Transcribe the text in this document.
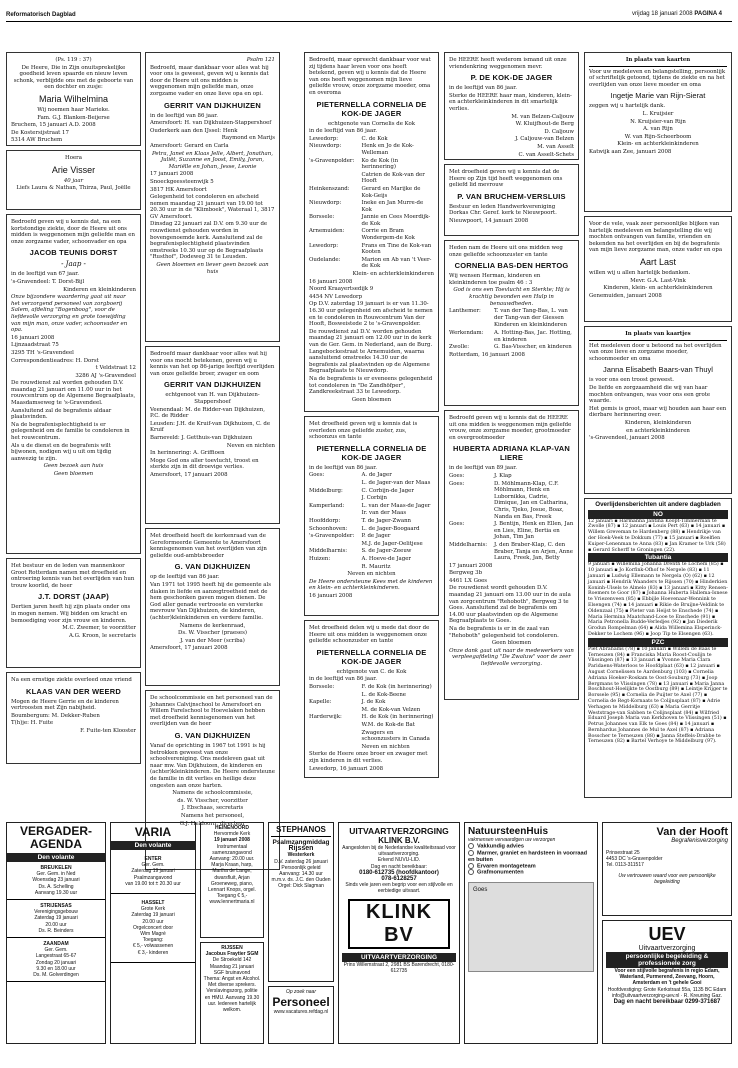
Reformatorisch Dagblad	vrijdag 18 januari 2008 PAGINA 4
(Ps. 119 : 37)
De Heere, Die in Zijn onuitsprekelijke goedheid leven spaarde en nieuw leven schonk, verblijdde ons met de geboorte van een dochter en zusje:
Maria Wilhelmina
Wij noemen haar Marieke.
Fam. G.J. Blanken-Beijerse
Bruchem, 15 januari A.D. 2008
De Kostersijstraat 17
5314 AW Bruchem
Hoera
Arie Visser
40 jaar
Liefs Laura & Nathan, Thirza, Paul, Joëlle
Bedroefd geven wij u kennis dat, na een kortstondige ziekte, door de Heere uit ons midden is weggenomen mijn geliefde man en onze zorgzame vader, schoonvader en opa
JACOB TEUNIS DORST
- Jaap -
in de leeftijd van 67 jaar.
's-Gravendeel: T. Dorst-Bijl
Kinderen en kleinkinderen
Onze bijzondere waardering gaat uit naar het verzorgend personeel van zorgboerij Salem, afdeling "Bogenboog", voor de liefdevolle verzorging en grote toewijding van mijn man, onze vader, schoonvader en opa.
16 januari 2008
Lijnzaadstraat 75
3295 TH 's-Gravendeel
Correspondentieadres: H. Dorst
t Veldstraat 12
3286 AJ 's-Gravendeel
De rouwdienst zal worden gehouden D.V. maandag 21 januari om 11.00 uur in het rouwcentrum op de Algemene Begraafplaats, Maasdamseweg te 's-Gravendeel.
Aansluitend zal de begrafenis aldaar plaatsvinden.
Na de begrafenisplechtigheid is er gelegenheid om de familie te condoleren in het rouwcentrum.
Als u de dienst en de begrafenis wilt bijwonen, nodigen wij u uit om tijdig aanwezig te zijn.
Geen bezoek aan huis
Geen bloemen
Het bestuur en de leden van mannenkoor Groot Rotterdam namen met droefheid en ontroering kennis van het overlijden van hun trouw koorlid, de heer
J.T. DORST (JAAP)
Dertien jaren heeft hij zijn plaats onder ons in mogen nemen. Wij bidden om kracht en bemoediging voor zijn vrouw en kinderen.
M.C. Zwemer, te voorzitter
A.G. Kroon, le secretaris
Na een ernstige ziekte overleed onze vriend
KLAAS VAN DER WEERD
Mogen de Heere Gerrie en de kinderen vertroosten met Zijn nabijheid.
Boumbergum: M. Dekker-Ruben
T(h)je: H. Fuite
F. Fuite-ten Klooster
Psalm 121
Bedroefd, maar dankbaar voor alles wat hij voor ons is geweest, geven wij u kennis dat door de Heere uit ons midden is weggenomen mijn geliefde man, onze zorgzame vader en onze lieve opa en opi.
GERRIT VAN DIJKHUIZEN
in de leeftijd van 86 jaar.
Amersfoort: H. van Dijkhuizen-Stappershoef
Ouderkerk aan den IJssel: Henk
Raymond en Marijs
Amersfoort: Gerard en Carla
Petra, Janet en Klaas Jelle, Albert, Jonathan, Juliët, Suzanne en Joost, Emily, Joran, Mariëlle en Johan, Jesse, Leonie
17 januari 2008
Snoeckgeessteenwijk 5
3817 HK Amersfoort
Gelegenheid tot condoleren en afscheid nemen maandag 21 januari van 19.00 tot 20.30 uur in de "Klimboek", Wateraal 1, 3817 GV Amersfoort.
Dinsdag 22 januari zal D.V. om 9.30 uur de rouwdienst gehouden worden in bovengenoemde kerk. Aansluitend zal de begrafenisplechtigheid plaatsvinden omstreeks 10.30 uur op de Begraafplaats "Rusthof", Dodeweg 31 te Leusden.
Geen bloemen en liever geen bezoek aan huis
Bedroefd maar dankbaar voor alles wat hij voor ons mocht betekenen, geven wij u kennis van het op 86-jarige leeftijd overlijden van onze geliefde broer, zwager en oom
GERRIT VAN DIJKHUIZEN
echtgenoot van H. van Dijkhuizen-Stappershoef
Veenendaal: M. de Ridder-van Dijkhuizen, P.C. de Ridder
Leusden: J.H. de Kruif-van Dijkhuizen, C. de Kruif
Barneveld: J. Getthuis-van Dijkhuizen
Neven en nichten
In herinnering: A. Griffioen
Moge God ons aller toevlucht, troost en sterkte zijn in dit droevige verlies.
Amersfoort, 17 januari 2008
Met droefheid heeft de kerkenraad van de Gereformeerde Gemeente te Amersfoort kennisgenomen van het overlijden van zijn geliefde oud-ambtsbroeder
G. VAN DIJKHUIZEN
op de leeftijd van 86 jaar.
Van 1971 tot 1995 heeft hij de gemeente als diaken in liefde en aanzegtroetheid met de hem geschonken gaven mogen dienen. De God aller genade vertrooste en versterke mevrouw Van Dijkhuizen, de kinderen, (achter)kleinkinderen en verdere familie.
Namens de kerkenraad,
Ds. W. Visscher (praeses)
J. van der Meer (scriba)
Amersfoort, 17 januari 2008
De schoolcommissie en het personeel van de Johannes Calvijnschool te Amersfoort en Willem Farelschool te Hoevelaken hebben met droefheid kennisgenomen van het overlijden van de heer
G. VAN DIJKHUIZEN
Vanaf de oprichting in 1967 tot 1991 is hij betrokken geweest van onze schoolvereniging. Ons medeleven gaat uit naar mw. Van Dijkhuizen, de kinderen en (achter)kleinkinderen. De Heere ondersteune de familie in dit verlies en heilige deze ongesten aan onze harten.
Namens de schoolcommissie,
ds. W. Visscher, voorzitter
J. Ebschaas, secretaris
Namens het personeel,
G.J. Heldoorn, directeur
Bedroefd, maar opreecht dankbaar voor wat zij tijdens haar leven voor ons heeft betekend, geven wij u kennis dat de Heere van ons heeft weggenomen mijn lieve geliefde vrouw, onze zorgzame moeder, oma en overoma
PIETERNELLA CORNELIA DE KOK-DE JAGER
echtgenote van Cornelis de Kok
in de leeftijd van 86 jaar.
Lewedorp:	C. de Kok
Nieuwdorp:	Henk en Jo de Kok-Welleman
's-Gravenpolder:	Ko de Kok (in herinnering)
Catrien de Kok-van der Hooft
Heinkenszand:	Gerard en Marijke de Kok-Geijs
Nieuwdorp:	Ineke en Jan Murre-de Kok
Borssele:	Jannie en Cees Moerdijk-de Kok
Arnemuiden:	Corrie en Bram Wondergem-de Kok
Lewedorp:	Frans en Tine de Kok-van Kooten
Oudelande:	Marion en Ab van 't Veer-de Kok
Klein- en achterkleinkinderen
16 januari 2008
Noord Kraayertsedijk 9
4454 NV Lewedorp
Op D.V. zaterdag 19 januari is er van 11.30-16.30 uur gelegenheid om afscheid te nemen en te condoleren in Rouwcentrum Van der Hooft, Bosweistede 2 te 's-Gravenpolder.
De rouwdienst zal D.V. worden gehouden maandag 21 januari om 12.00 uur in de kerk van de Ger. Gem. in Nederland, aan de Burg. Langebockestraat te Arnemuiden, waarna aansluitend omstreeks 14.30 uur de begrafenis zal plaatsvinden op de Algemene Begraafplaats te Nieuwdorp.
Na de begrafenis is er eveneens gelegenheid tot condoleren in "De Zandhöfper", Zandkreekstraat 33 te Lewedorp.
Geen bloemen
Met droefheid geven wij u kennis dat is overleden onze geliefde zuster, zus, schoonzus en tante
PIETERNELLA CORNELIA DE KOK-DE JAGER
in de leeftijd van 86 jaar.
Goes:	A. de Jager
L. de Jager-van der Maas
Middelburg:	C. Corbijn-de Jager
J. Corbijn
Kamperland:	L. van der Maas-de Jager
Ir. van der Maas
Hoofddorp:	T. de Jager-Zwann
Schoonhoven:	L. de Jager-Boogaard
's-Gravenpolder:	P. de Jager
M.J. de Jager-Oelitjese
Middelharnis:	S. de Jager-Zeeuw
Huizen:	A. Hoeve-de Jager
R. Mauritz
Neven en nichten
De Heere ondersteune Kees met de kinderen en klein- en achterkleinkinderen.
16 januari 2008
Met droefheid delen wij u mede dat door de Heere uit ons midden is weggenomen onze geliefde schoonzuster en tante
PIETERNELLA CORNELIA DE KOK-DE JAGER
echtgenote van C. de Kok
in de leeftijd van 86 jaar.
Borssele:	F. de Kok (in herinnering)
L. de Kok-Beene
Kapelle:	J. de Kok
M. de Kok-van Velzen
Harderwijk:	H. de Kok (in herinnering)
W.M. de Kok-de Bat
Zwagers en schoonzusters in Canada
Neven en nichten
Sterke de Heere onze broer en zwager met zijn kinderen in dit verlies.
Lewedorp, 16 januari 2008
De HEERE heeft wederom ismand uit onze vriendenkring weggenomen mevr.
P. DE KOK-DE JAGER
in de leeftijd van 86 jaar.
Sterke de HEERE haar man, kinderen, klein- en achterkleinkinderen in dit smartelijk verlies.
M. van Belzen-Caljouw
W. Kluijfhout-de Berg
D. Caljouw
J. Caljouw-van Belzen
M. van Asselt
C. van Asselt-Schets
Met droefheid geven wij u kennis dat de Heere op Zijn tijd heeft weggenomen ons geliefd lid mevrouw
P. VAN BRUCHEM-VERSLUIS
Bestuur en leden Handwerkvereniging Dorkas Chr. Geref. kerk te Nieuwpoort.
Nieuwpoort, 14 januari 2008
Heden nam de Heere uit ons midden weg onze geliefde schoonzuster en tante
CORNELIA BAS-DEN HERTOG
Wij wensen Herman, kinderen en kleinkinderen toe psalm 46 : 3
God is ons een Toevlucht en Sterkte; Hij is krachtig bevonden een Hulp in benauwdheden.
Lanthemer:	T. van der Tang-Bas, L. van der Tang-van der Giessen
Kinderen en kleinkinderen
Werkendam:	A. Hotting-Bas, Jac. Hotting, en kinderen
Zwolle:	G. Bas-Visscher, en kinderen
Rotterdam, 16 januari 2008
Bedroefd geven wij u kennis dat de HEERE uit ons midden is weggenomen mijn geliefde vrouw, onze zorgzame moeder, grootmoeder en overgrootmoeder
HUBERTA ADRIANA KLAP-VAN LIERE
in de leeftijd van 89 jaar.
Goes:	J. Klap
Goes:	D. Möhlmann-Klap, C.F. Möhlmann, Henk en Lubornikka, Cadrie, Dimique, Jan en Catharina, Chris, Tjeko, Josue, Boaz, Nanda en Bas, Freek
Goes:	J. Bentijn, Henk en Ellen, Jan en Lies, Eline, Bertia en Johan, Tim Jan
Middelharnis:	J. den Braber-Klap, C. den Braber, Tanja en Arjen, Anne Laura, Freek, Jan, Betty
17 januari 2008
Bergweg 3b
4461 LX Goes
De rouwdienst wordt gehouden D.V. maandag 21 januari om 13.00 uur in de aula van zorgcentrum "Rehoboth", Bergweg 3 te Goes. Aansluitend zal de begrafenis om 14.00 uur plaatsvinden op de Algemene Begraafplaats te Goes.
Na de begrafenis is er in de zaal van "Rehoboth" gelegenheid tot condoleren.
Geen bloemen
Onze dank gaat uit naar de medewerkers van verpleegafdeling "De Zwaluw" voor de zeer liefdevolle verzorging.
In plaats van kaarten
Voor uw medeleven en belangstelling, persoonlijk of schriftelijk getoond, tijdens de ziekte en na het overlijden van onze lieve moeder en oma
Ingetje Marie van Rijn-Sierat
zeggen wij u hartelijk dank.
L. Kruijsier
N. Kruijsier-van Rijn
A. van Rijn
W. van Rijn-Scheerboom
Klein- en achterkleinkinderen
Katwijk aan Zee, januari 2008
Voor de vele, vaak zeer persoonlijke blijken van hartelijk medeleven en belangstelling die wij mochten ontvangen van familie, vrienden en bekenden na het overlijden en bij de begrafenis van mijn lieve zorgzame man, onze vader en opa
Aart Last
willen wij u allen hartelijk bedanken.
Mevr. G.A. Last-Vink
Kinderen, klein- en achterkleinkinderen
Genemuiden, januari 2008
In plaats van kaartjes
Het medeleven door u betoond na het overlijden van onze lieve en zorgzame moeder, schoonmoeder en oma
Janna Elisabeth Baars-van Thuyl
is voor ons een troost geweest.
De liefde en zorgzaamheid die wij van haar mochten ontvangen, was voor ons een grote waarde.
Het gemis is groot, maar wij houden aan haar een dierbare herinnering over.
Kinderen, kleinkinderen
en achterkleinkinderen
's-Gravendeel, januari 2008
Overlijdensberichten uit andere dagbladen
NO
12 januari ▪ Harmanna Jantina Koopt-Timmerman te Zwolle (87) ▪ 12 januari ▪ Louis Pert (63) ▪ 14 januari ▪ Willem Greveman te Hardenberg (88) ▪ Hendrikje van der Hoek-Veek te Dokkum (77) ▪ 15 januari ▪ Roelfien Kuiper-Lenenman te Anna (83) ▪ Jan Kramer te Urk (58) ▪ Gerard Scherff te Groningen (22).
Tubantia
9 januari ▪ Willemina Johanna Drenth te Lochem (85) ▪ 10 januari ▪ Jo Korfink-Ofhof te Nergele (83) ▪ 11 januari ▪ Ludwig Ellemann te Nergela (O) (62) ▪ 12 januari ▪ Hendrik Waanders te Rijssen (70) ▪ Hinderkien Koninh-Ulsels te Almelo (83) ▪ 13 januari ▪ Kitty Rensen-Roemers te Goor (87) ▪ Johanna Huberta Hallema-Isnese te Vriezenveen (85) ▪ Ebbijle Hoevenaar-Wennink te Elsengen (74) ▪ 14 januari ▪ Rikie de Bruijne-Veldink te Oldenzaal (75) ▪ Pieter van Heijst te Enschede (74) ▪ Maria Hermina Maatchand-Looe te Enschede (91) ▪ Maria Petronella Budde-Verledjes (92) ▪ Jan Diederik Grodun Rompelman (64) ▪ Alida Willemina Elsperinck-Dekker te Lochem (96) ▪ Joop Tip te Elsengen (63).
PZC
Piet Abrahams (78) ▪ 10 januari ▪ Willem de Baas te Terneuzen (84) ▪ Franciska Maria Roost-Coulijn te Vlissingen (87) ▪ 13 januari ▪ Yvonne Maria Clara Paridaens-Waterloos te Hoofdplaat (63) ▪ 12 januari ▪ August Cornelissen te Aardenburg (103) ▪ Cornelia Adriana Hoeker-Roskam te Oost-Souburg (73) ▪ Joop Bergmans te Vlissingen (78) ▪ 13 januari ▪ Maria Janna Boschhout-Hoelijkte te Oostburg (89) ▪ Leintje Krijger te Borssele (95) ▪ Cornelia de Puijter te Axel (77) ▪ Cornelia de Regt-Kornaats te Colijnsplaat (87) ▪ Adrie Verhagen te Middelburg (63) ▪ Maria Gerritje Weststrage-van Sabben te Colijnsplaat (84) ▪ Wilfried Eduard Joseph Maria van Kerkhoven te Vlissingen (51) ▪ Petrus Johannes van Elk te Goes (84) ▪ 14 januari ▪ Bernhardus Johannes de Mul te Axel (87) ▪ Adriana Bosscher te Terneuzen (88) ▪ Janna Steffels-Drabbe te Terneuzen (82) ▪ Bartel Verhoye te Middelburg (97).
VERGADER-AGENDA
Den volante
BREUKELEN
Ger. Gem. in Ned
Woensdag 23 januari
Ds. A. Schelling
Aanvang 19.30 uur
STRIJENSAS
Verenigingsgebouw
Zaterdag 19 januari
20.00 uur
Ds. R. Beinders
ZAANDAM
Ger. Gem.
Langestraat 65-67
Zondag 20 januari
9.30 en 18.00 uur
Ds. M. Golverdingen
VARIA
Den volante
ENTER
Ger. Gem.
Zaterdag 19 januari
Psalmzangavond
van 19.00 tot ± 20.30 uur
HASSELT
Grote Kerk
Zaterdag 19 januari
20.00 uur
Orgelconcert door
Wim Magré
Toegang:
€ 5,- volwassenen
€ 3,- kinderen
HEINENOORD
Hervormde Kerk
19 januari 2008
Instrumentaal samenzangavond Aanvang: 20.00 uur. Marja Kraan, harp, Martha de Lange, dwarsfluit, Arjan Groeneweg, piano, Lennart Knops, orgel. Toegang € 5,- www.lennertmaria.nl
RIJSSEN
Jacobus Fraytier SGM
De Stroekeld 142
Maandag 21 januari
SGF bruinavond
Thema: Angst en Alcohol. Met diverse sprekers. Verslavingszorg, politie en HMU. Aanvang 19.30 uur. Iedereen hartelijk welkom.
STEPHANOS
Psalmzangmiddag
Rijssen
Westerkerk
D.V. zaterdag 26 januari
Persoonlijk geleid
Aanvang: 14.30 uur
m.m.v. ds. J.C. den Ouden
Orgel: Dick Slagman
Op zoek naar
Personeel
www.vacatures.refdag.nl
UITVAARTVERZORGING
KLINK B.V.
Aangesloten bij de Nederlandse kwaliteitsraad voor uitvaartverzorging.
Erkend NUVU-LID.
Dag en nacht bereikbaar:
0180-612735 (hoofdkantoor)
078-6128257
Sinds vele jaren een begrip voor een stijlvolle en eerbiedige uitvaart.
KLINK BV
UITVAARTVERZORGING
Prins Willemstraat 2, 2981 BS Barendrecht, 0180-612735
NatuursteenHuis
vakmensen vervaardigen uw verzorgen
Vakkundig advies
Marmer, graniet en hardsteen in voorraad en buiten
Ervaren montageteam
Grafmonumenten
Goes
Van der Hooft
Begrafenisverzorging
Prinsestraat 25
4453 DC 's-Gravenpolder
Tel. 0113-311517
Uw vertrouwen waard voor een persoonlijke begeleiding
UEV
Uitvaartverzorging
persoonlijke begeleiding & professionele zorg
Voor een stijlvolle begrafenis in regio Edam, Waterland, Purmerend, Zeevang, Hoorn, Amsterdam en 't gehele Gooi
Hoofdvestiging: Grote Kerkstraat 55a, 1135 BC Edam
info@uitvaartverzorging-uev.nl · R. Kreuning Gaz.
Dag en nacht bereikbaar 0299-371687
